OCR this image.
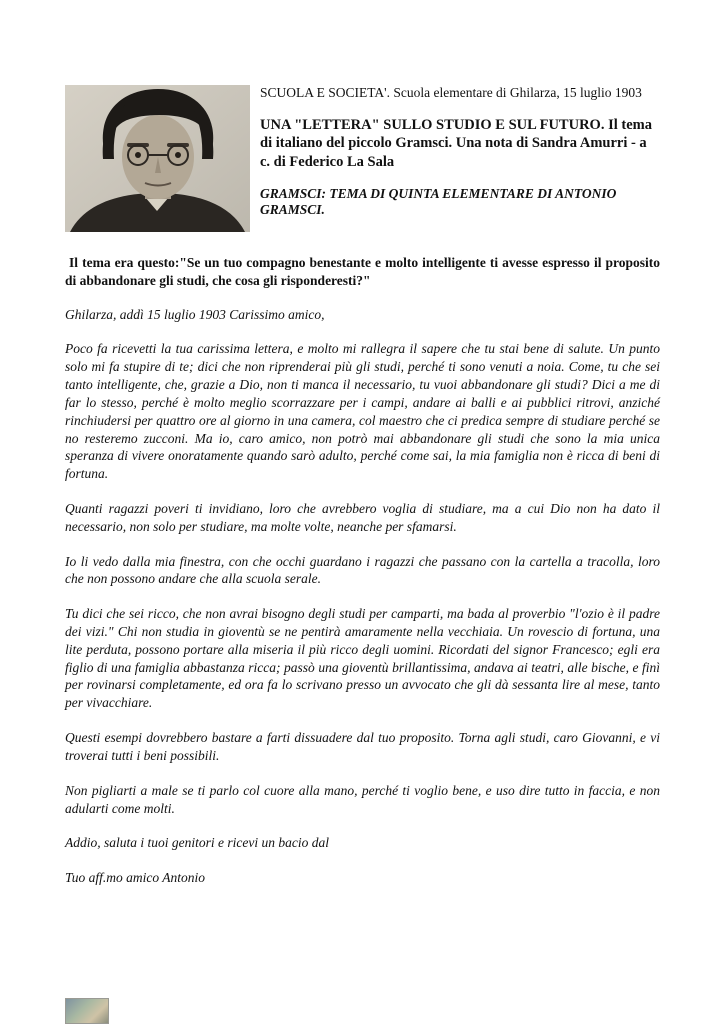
SCUOLA E SOCIETA'. Scuola elementare di Ghilarza, 15 luglio 1903

UNA "LETTERA" SULLO STUDIO E SUL FUTURO. Il tema di italiano del piccolo Gramsci. Una nota di Sandra Amurri - a c. di Federico La Sala

GRAMSCI: TEMA DI QUINTA ELEMENTARE DI ANTONIO GRAMSCI.

Il tema era questo:"Se un tuo compagno benestante e molto intelligente ti avesse espresso il proposito di abbandonare gli studi, che cosa gli risponderesti?"

Ghilarza, addì 15 luglio 1903 Carissimo amico,

Poco fa ricevetti la tua carissima lettera, e molto mi rallegra il sapere che tu stai bene di salute. Un punto solo mi fa stupire di te; dici che non riprenderai più gli studi, perché ti sono venuti a noia. Come, tu che sei tanto intelligente, che, grazie a Dio, non ti manca il necessario, tu vuoi abbandonare gli studi? Dici a me di far lo stesso, perché è molto meglio scorrazzare per i campi, andare ai balli e ai pubblici ritrovi, anziché rinchiudersi per quattro ore al giorno in una camera, col maestro che ci predica sempre di studiare perché se no resteremo zucconi. Ma io, caro amico, non potrò mai abbandonare gli studi che sono la mia unica speranza di vivere onoratamente quando sarò adulto, perché come sai, la mia famiglia non è ricca di beni di fortuna.

Quanti ragazzi poveri ti invidiano, loro che avrebbero voglia di studiare, ma a cui Dio non ha dato il necessario, non solo per studiare, ma molte volte, neanche per sfamarsi.

Io li vedo dalla mia finestra, con che occhi guardano i ragazzi che passano con la cartella a tracolla, loro che non possono andare che alla scuola serale.

Tu dici che sei ricco, che non avrai bisogno degli studi per camparti, ma bada al proverbio "l'ozio è il padre dei vizi." Chi non studia in gioventù se ne pentirà amaramente nella vecchiaia. Un rovescio di fortuna, una lite perduta, possono portare alla miseria il più ricco degli uomini. Ricordati del signor Francesco; egli era figlio di una famiglia abbastanza ricca; passò una gioventù brillantissima, andava ai teatri, alle bische, e finì per rovinarsi completamente, ed ora fa lo scrivano presso un avvocato che gli dà sessanta lire al mese, tanto per vivacchiare.

Questi esempi dovrebbero bastare a farti dissuadere dal tuo proposito. Torna agli studi, caro Giovanni, e vi troverai tutti i beni possibili.

Non pigliarti a male se ti parlo col cuore alla mano, perché ti voglio bene, e uso dire tutto in faccia, e non adularti come molti.

Addio, saluta i tuoi genitori e ricevi un bacio dal

Tuo aff.mo amico Antonio
